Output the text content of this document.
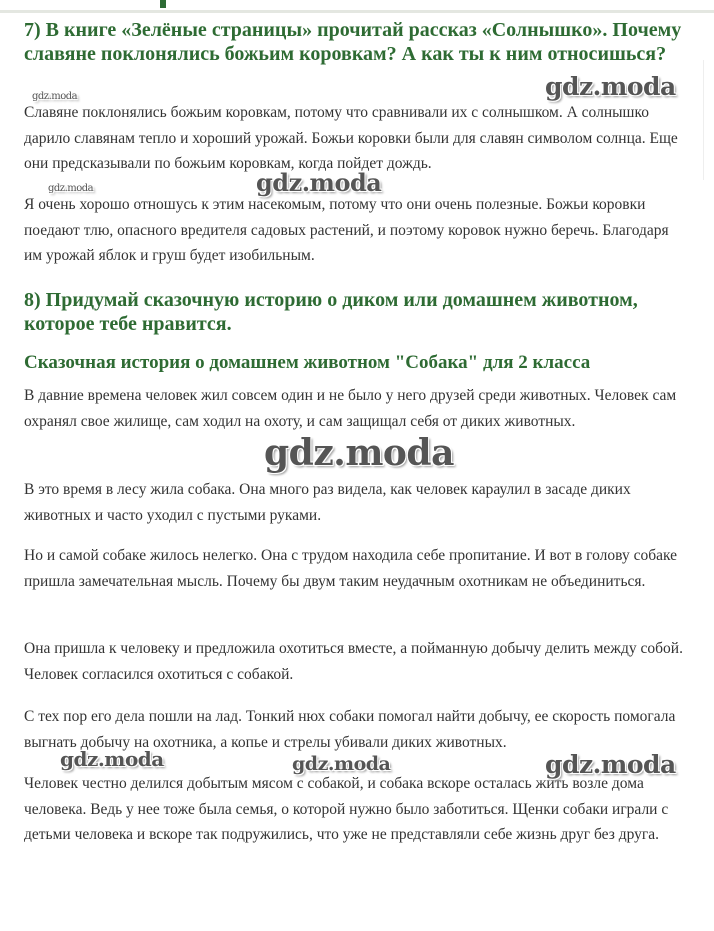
7) В книге «Зелёные страницы» прочитай рассказ «Солнышко». Почему славяне поклонялись божьим коровкам? А как ты к ним относишься?

Славяне поклонялись божьим коровкам, потому что сравнивали их с солнышком. А солнышко дарило славянам тепло и хороший урожай. Божьи коровки были для славян символом солнца. Еще они предсказывали по божьим коровкам, когда пойдет дождь.

Я очень хорошо отношусь к этим насекомым, потому что они очень полезные. Божьи коровки поедают тлю, опасного вредителя садовых растений, и поэтому коровок нужно беречь. Благодаря им урожай яблок и груш будет изобильным.

8) Придумай сказочную историю о диком или домашнем животном, которое тебе нравится.
Сказочная история о домашнем животном "Собака" для 2 класса

В давние времена человек жил совсем один и не было у него друзей среди животных. Человек сам охранял свое жилище, сам ходил на охоту, и сам защищал себя от диких животных.

В это время в лесу жила собака. Она много раз видела, как человек караулил в засаде диких животных и часто уходил с пустыми руками.

Но и самой собаке жилось нелегко. Она с трудом находила себе пропитание. И вот в голову собаке пришла замечательная мысль. Почему бы двум таким неудачным охотникам не объединиться.

Она пришла к человеку и предложила охотиться вместе, а пойманную добычу делить между собой. Человек согласился охотиться с собакой.

С тех пор его дела пошли на лад. Тонкий нюх собаки помогал найти добычу, ее скорость помогала выгнать добычу на охотника, а копье и стрелы убивали диких животных.

Человек честно делился добытым мясом с собакой, и собака вскоре осталась жить возле дома человека. Ведь у нее тоже была семья, о которой нужно было заботиться. Щенки собаки играли с детьми человека и вскоре так подружились, что уже не представляли себе жизнь друг без друга.

gdz.moda
gdz.moda
gdz.moda	gdz.moda
gdz.moda
gdz.moda	gdz.moda	gdz.moda
